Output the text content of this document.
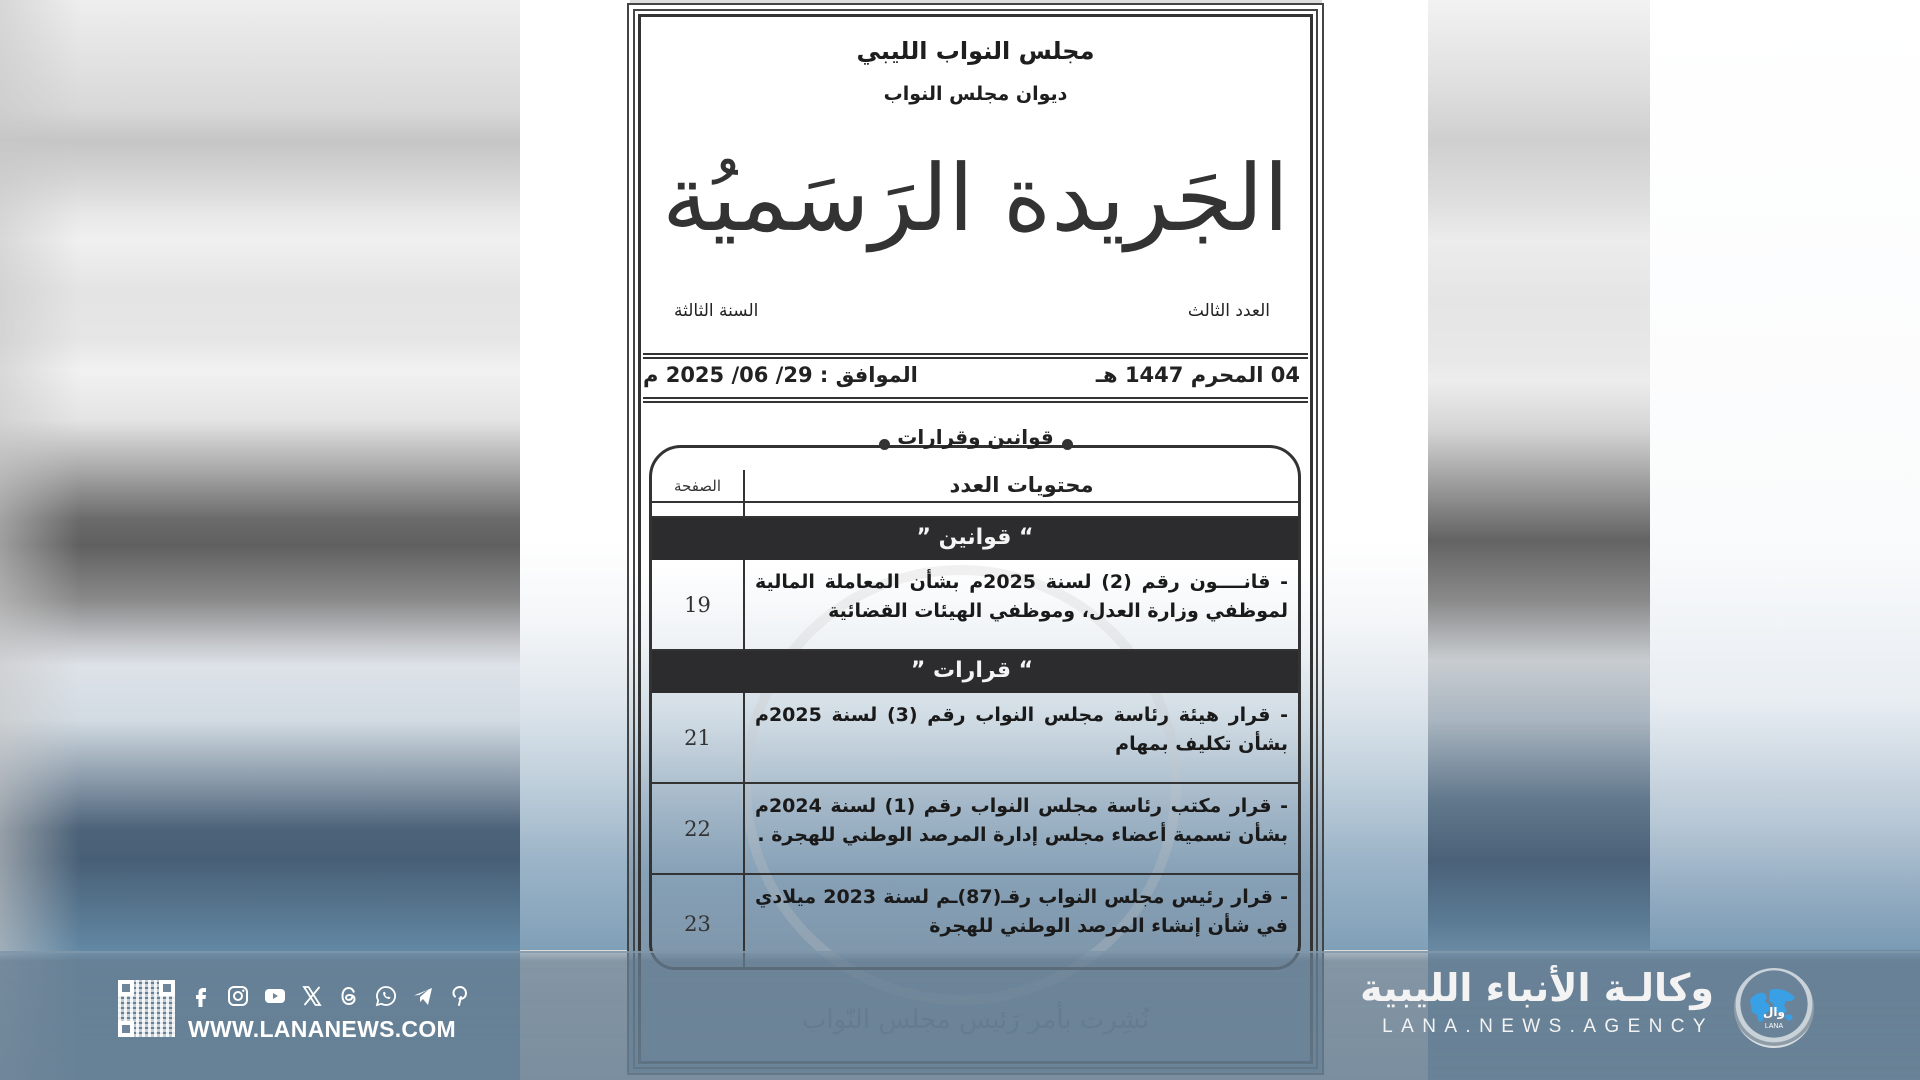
مجلس النواب الليبي
ديوان مجلس النواب
الجَريدة الرَسَميُة
العدد الثالث
السنة الثالثة
04 المحرم 1447 هـ
الموافق : 29/ 06/ 2025 م
محتويات العدد
الصفحة
“ قوانين ”
- قانــــون رقم (2) لسنة 2025م بشأن المعاملة المالية لموظفي وزارة العدل، وموظفي الهيئات القضائية
19
“ قرارات ”
- قرار هيئة رئاسة مجلس النواب رقم (3) لسنة 2025م بشأن تكليف بمهام
21
- قرار مكتب رئاسة مجلس النواب رقم (1) لسنة 2024م بشأن تسمية أعضاء مجلس إدارة المرصد الوطني للهجرة .
22
- قرار رئيس مجلس النواب رقـ(87)ـم لسنة 2023 ميلادي في شأن إنشاء المرصد الوطني للهجرة
23
قوانين وقرارات
WWW.LANANEWS.COM
وكالـة الأنباء الليبية
LANA.NEWS.AGENCY
وال
LANA
